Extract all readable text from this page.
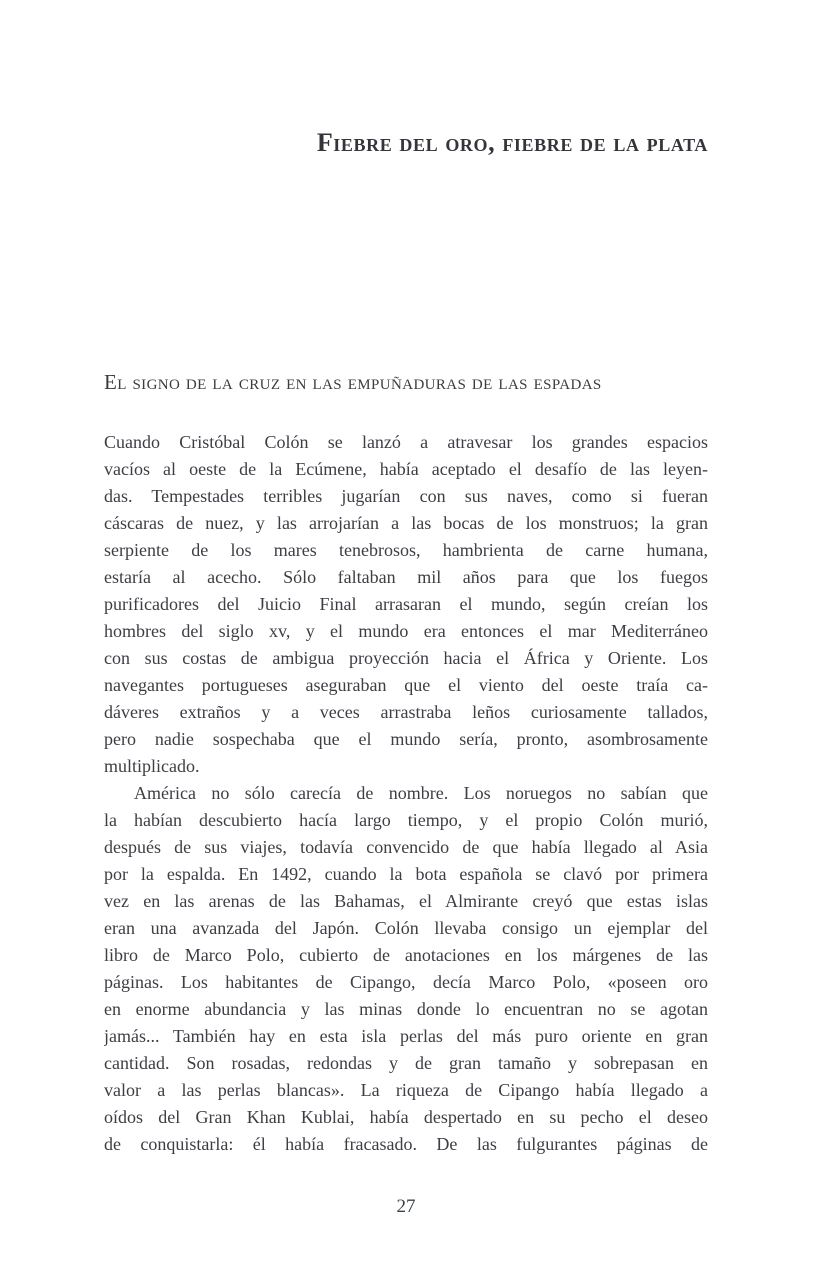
Fiebre del oro, fiebre de la plata
El signo de la cruz en las empuñaduras de las espadas
Cuando Cristóbal Colón se lanzó a atravesar los grandes espacios
vacíos al oeste de la Ecúmene, había aceptado el desafío de las leyen-
das. Tempestades terribles jugarían con sus naves, como si fueran
cáscaras de nuez, y las arrojarían a las bocas de los monstruos; la gran
serpiente de los mares tenebrosos, hambrienta de carne humana,
estaría al acecho. Sólo faltaban mil años para que los fuegos
purificadores del Juicio Final arrasaran el mundo, según creían los
hombres del siglo xv, y el mundo era entonces el mar Mediterráneo
con sus costas de ambigua proyección hacia el África y Oriente. Los
navegantes portugueses aseguraban que el viento del oeste traía ca-
dáveres extraños y a veces arrastraba leños curiosamente tallados,
pero nadie sospechaba que el mundo sería, pronto, asombrosamente
multiplicado.
América no sólo carecía de nombre. Los noruegos no sabían que
la habían descubierto hacía largo tiempo, y el propio Colón murió,
después de sus viajes, todavía convencido de que había llegado al Asia
por la espalda. En 1492, cuando la bota española se clavó por primera
vez en las arenas de las Bahamas, el Almirante creyó que estas islas
eran una avanzada del Japón. Colón llevaba consigo un ejemplar del
libro de Marco Polo, cubierto de anotaciones en los márgenes de las
páginas. Los habitantes de Cipango, decía Marco Polo, «poseen oro
en enorme abundancia y las minas donde lo encuentran no se agotan
jamás... También hay en esta isla perlas del más puro oriente en gran
cantidad. Son rosadas, redondas y de gran tamaño y sobrepasan en
valor a las perlas blancas». La riqueza de Cipango había llegado a
oídos del Gran Khan Kublai, había despertado en su pecho el deseo
de conquistarla: él había fracasado. De las fulgurantes páginas de
27
